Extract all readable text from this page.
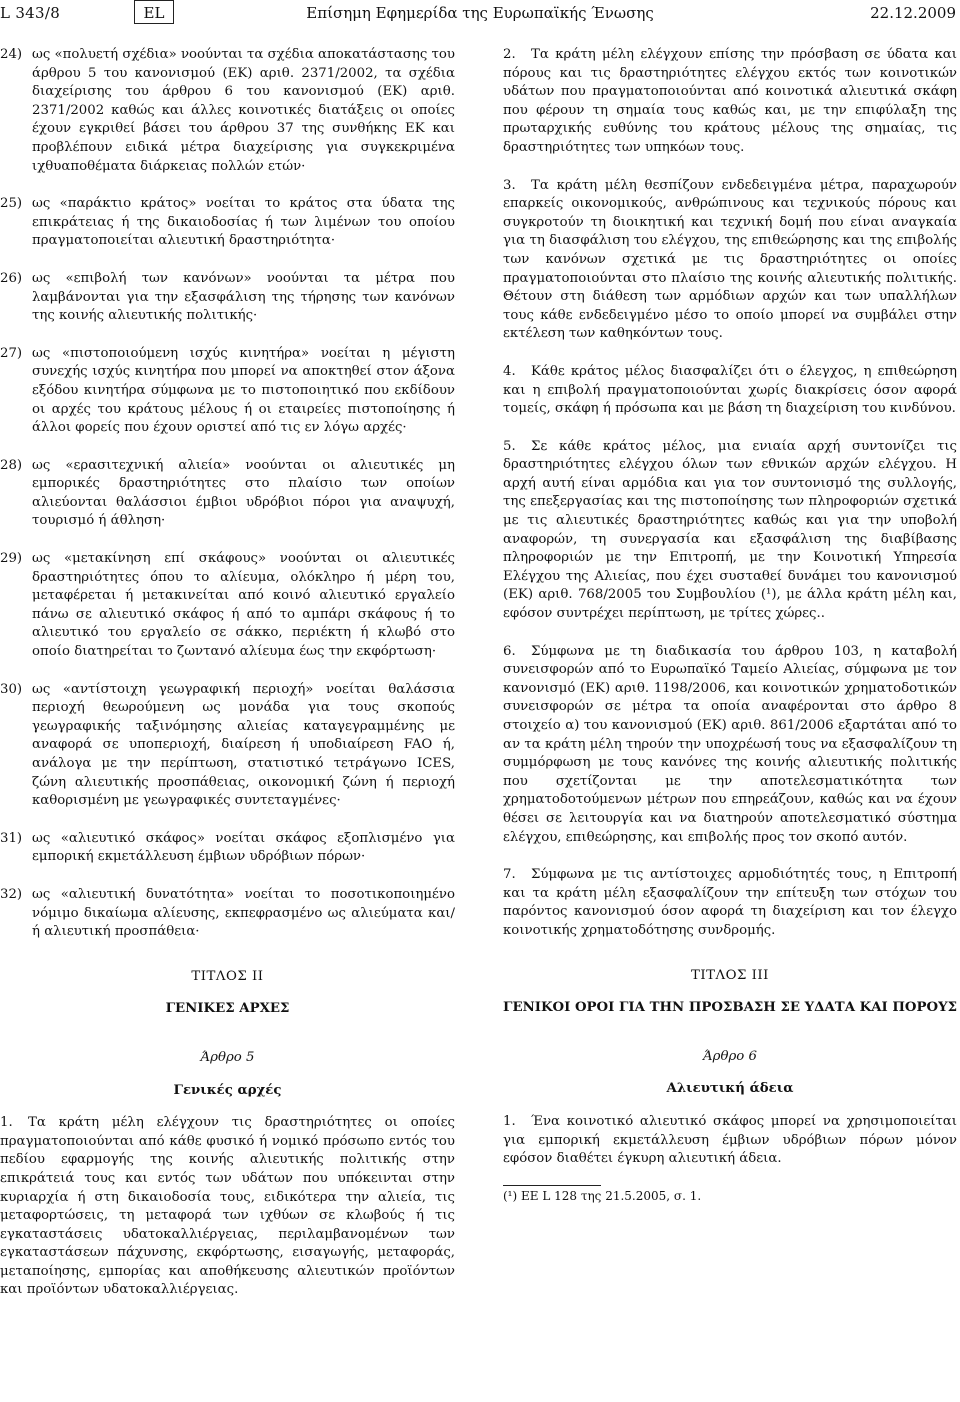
L 343/8	EL	Επίσημη Εφημερίδα της Ευρωπαϊκής Ένωσης	22.12.2009
24) ως «πολυετή σχέδια» νοούνται τα σχέδια αποκατάστασης του άρθρου 5 του κανονισμού (ΕΚ) αριθ. 2371/2002, τα σχέδια διαχείρισης του άρθρου 6 του κανονισμού (ΕΚ) αριθ. 2371/2002 καθώς και άλλες κοινοτικές διατάξεις οι οποίες έχουν εγκριθεί βάσει του άρθρου 37 της συνθήκης ΕΚ και προβλέπουν ειδικά μέτρα διαχείρισης για συγκεκριμένα ιχθυαποθέματα διάρκειας πολλών ετών·
25) ως «παράκτιο κράτος» νοείται το κράτος στα ύδατα της επικράτειας ή της δικαιοδοσίας ή των λιμένων του οποίου πραγματοποιείται αλιευτική δραστηριότητα·
26) ως «επιβολή των κανόνων» νοούνται τα μέτρα που λαμβάνονται για την εξασφάλιση της τήρησης των κανόνων της κοινής αλιευτικής πολιτικής·
27) ως «πιστοποιούμενη ισχύς κινητήρα» νοείται η μέγιστη συνεχής ισχύς κινητήρα που μπορεί να αποκτηθεί στον άξονα εξόδου κινητήρα σύμφωνα με το πιστοποιητικό που εκδίδουν οι αρχές του κράτους μέλους ή οι εταιρείες πιστοποίησης ή άλλοι φορείς που έχουν οριστεί από τις εν λόγω αρχές·
28) ως «ερασιτεχνική αλιεία» νοούνται οι αλιευτικές μη εμπορικές δραστηριότητες στο πλαίσιο των οποίων αλιεύονται θαλάσσιοι έμβιοι υδρόβιοι πόροι για αναψυχή, τουρισμό ή άθληση·
29) ως «μετακίνηση επί σκάφους» νοούνται οι αλιευτικές δραστηριότητες όπου το αλίευμα, ολόκληρο ή μέρη του, μεταφέρεται ή μετακινείται από κοινό αλιευτικό εργαλείο πάνω σε αλιευτικό σκάφος ή από το αμπάρι σκάφους ή το αλιευτικό του εργαλείο σε σάκκο, περιέκτη ή κλωβό στο οποίο διατηρείται το ζωντανό αλίευμα έως την εκφόρτωση·
30) ως «αντίστοιχη γεωγραφική περιοχή» νοείται θαλάσσια περιοχή θεωρούμενη ως μονάδα για τους σκοπούς γεωγραφικής ταξινόμησης αλιείας καταγεγραμμένης με αναφορά σε υποπεριοχή, διαίρεση ή υποδιαίρεση FAO ή, ανάλογα με την περίπτωση, στατιστικό τετράγωνο ICES, ζώνη αλιευτικής προσπάθειας, οικονομική ζώνη ή περιοχή καθορισμένη με γεωγραφικές συντεταγμένες·
31) ως «αλιευτικό σκάφος» νοείται σκάφος εξοπλισμένο για εμπορική εκμετάλλευση έμβιων υδρόβιων πόρων·
32) ως «αλιευτική δυνατότητα» νοείται το ποσοτικοποιημένο νόμιμο δικαίωμα αλίευσης, εκπεφρασμένο ως αλιεύματα και/ή αλιευτική προσπάθεια·

ΤΙΤΛΟΣ II

ΓΕΝΙΚΕΣ ΑΡΧΕΣ

Άρθρο 5

Γενικές αρχές

1. Τα κράτη μέλη ελέγχουν τις δραστηριότητες οι οποίες πραγματοποιούνται από κάθε φυσικό ή νομικό πρόσωπο εντός του πεδίου εφαρμογής της κοινής αλιευτικής πολιτικής στην επικράτειά τους και εντός των υδάτων που υπόκεινται στην κυριαρχία ή στη δικαιοδοσία τους, ειδικότερα την αλιεία, τις μεταφορτώσεις, τη μεταφορά των ιχθύων σε κλωβούς ή τις εγκαταστάσεις υδατοκαλλιέργειας, περιλαμβανομένων των εγκαταστάσεων πάχυνσης, εκφόρτωσης, εισαγωγής, μεταφοράς, μεταποίησης, εμπορίας και αποθήκευσης αλιευτικών προϊόντων και προϊόντων υδατοκαλλιέργειας.

2. Τα κράτη μέλη ελέγχουν επίσης την πρόσβαση σε ύδατα και πόρους και τις δραστηριότητες ελέγχου εκτός των κοινοτικών υδάτων που πραγματοποιούνται από κοινοτικά αλιευτικά σκάφη που φέρουν τη σημαία τους καθώς και, με την επιφύλαξη της πρωταρχικής ευθύνης του κράτους μέλους της σημαίας, τις δραστηριότητες των υπηκόων τους.

3. Τα κράτη μέλη θεσπίζουν ενδεδειγμένα μέτρα, παραχωρούν επαρκείς οικονομικούς, ανθρώπινους και τεχνικούς πόρους και συγκροτούν τη διοικητική και τεχνική δομή που είναι αναγκαία για τη διασφάλιση του ελέγχου, της επιθεώρησης και της επιβολής των κανόνων σχετικά με τις δραστηριότητες οι οποίες πραγματοποιούνται στο πλαίσιο της κοινής αλιευτικής πολιτικής. Θέτουν στη διάθεση των αρμόδιων αρχών και των υπαλλήλων τους κάθε ενδεδειγμένο μέσο το οποίο μπορεί να συμβάλει στην εκτέλεση των καθηκόντων τους.

4. Κάθε κράτος μέλος διασφαλίζει ότι ο έλεγχος, η επιθεώρηση και η επιβολή πραγματοποιούνται χωρίς διακρίσεις όσον αφορά τομείς, σκάφη ή πρόσωπα και με βάση τη διαχείριση του κινδύνου.

5. Σε κάθε κράτος μέλος, μια ενιαία αρχή συντονίζει τις δραστηριότητες ελέγχου όλων των εθνικών αρχών ελέγχου. Η αρχή αυτή είναι αρμόδια και για τον συντονισμό της συλλογής, της επεξεργασίας και της πιστοποίησης των πληροφοριών σχετικά με τις αλιευτικές δραστηριότητες καθώς και για την υποβολή αναφορών, τη συνεργασία και εξασφάλιση της διαβίβασης πληροφοριών με την Επιτροπή, με την Κοινοτική Υπηρεσία Ελέγχου της Αλιείας, που έχει συσταθεί δυνάμει του κανονισμού (ΕΚ) αριθ. 768/2005 του Συμβουλίου (¹), με άλλα κράτη μέλη και, εφόσον συντρέχει περίπτωση, με τρίτες χώρες..

6. Σύμφωνα με τη διαδικασία του άρθρου 103, η καταβολή συνεισφορών από το Ευρωπαϊκό Ταμείο Αλιείας, σύμφωνα με τον κανονισμό (ΕΚ) αριθ. 1198/2006, και κοινοτικών χρηματοδοτικών συνεισφορών σε μέτρα τα οποία αναφέρονται στο άρθρο 8 στοιχείο α) του κανονισμού (ΕΚ) αριθ. 861/2006 εξαρτάται από το αν τα κράτη μέλη τηρούν την υποχρέωσή τους να εξασφαλίζουν τη συμμόρφωση με τους κανόνες της κοινής αλιευτικής πολιτικής που σχετίζονται με την αποτελεσματικότητα των χρηματοδοτούμενων μέτρων που επηρεάζουν, καθώς και να έχουν θέσει σε λειτουργία και να διατηρούν αποτελεσματικό σύστημα ελέγχου, επιθεώρησης, και επιβολής προς τον σκοπό αυτόν.

7. Σύμφωνα με τις αντίστοιχες αρμοδιότητές τους, η Επιτροπή και τα κράτη μέλη εξασφαλίζουν την επίτευξη των στόχων του παρόντος κανονισμού όσον αφορά τη διαχείριση και τον έλεγχο κοινοτικής χρηματοδότησης συνδρομής.

ΤΙΤΛΟΣ III

ΓΕΝΙΚΟΙ ΟΡΟΙ ΓΙΑ ΤΗΝ ΠΡΟΣΒΑΣΗ ΣΕ ΥΔΑΤΑ ΚΑΙ ΠΟΡΟΥΣ

Άρθρο 6

Αλιευτική άδεια

1. Ένα κοινοτικό αλιευτικό σκάφος μπορεί να χρησιμοποιείται για εμπορική εκμετάλλευση έμβιων υδρόβιων πόρων μόνον εφόσον διαθέτει έγκυρη αλιευτική άδεια.

(¹) ΕΕ L 128 της 21.5.2005, σ. 1.
